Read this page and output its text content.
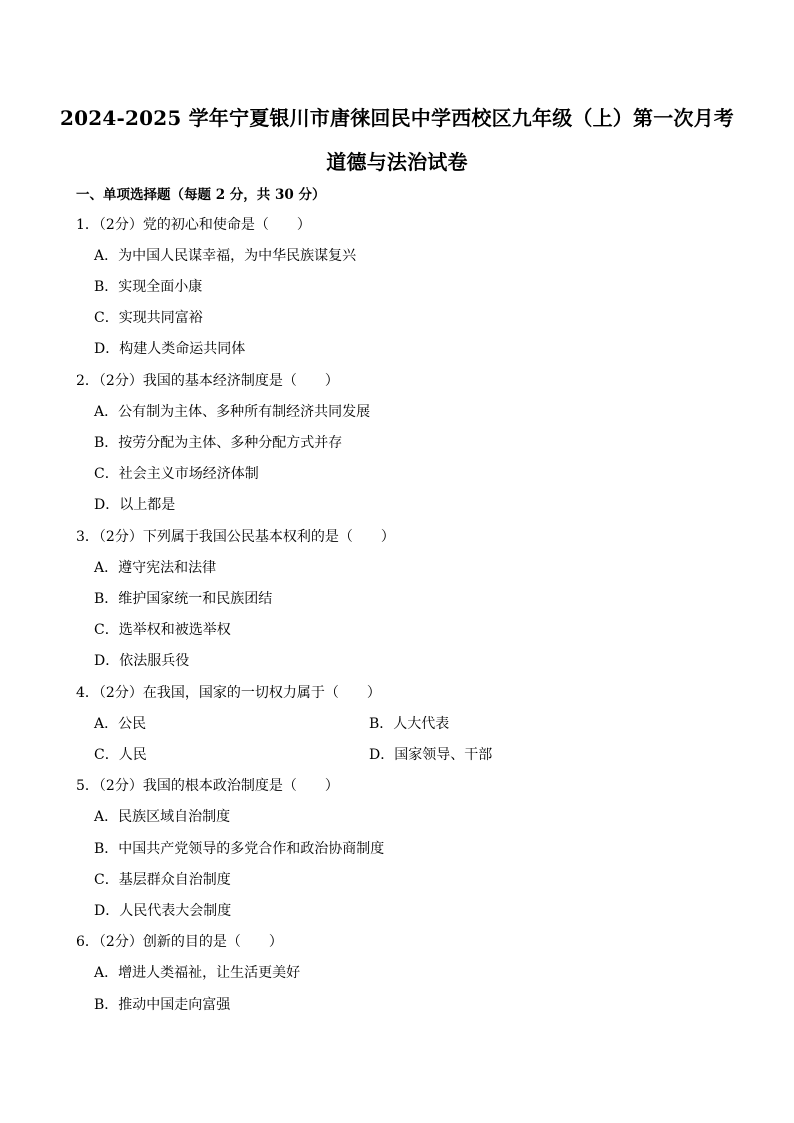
2024-2025 学年宁夏银川市唐徕回民中学西校区九年级（上）第一次月考
道德与法治试卷
一、单项选择题（每题 2 分，共 30 分）
1．（2分）党的初心和使命是（　　）
A．为中国人民谋幸福，为中华民族谋复兴
B．实现全面小康
C．实现共同富裕
D．构建人类命运共同体
2．（2分）我国的基本经济制度是（　　）
A．公有制为主体、多种所有制经济共同发展
B．按劳分配为主体、多种分配方式并存
C．社会主义市场经济体制
D．以上都是
3．（2分）下列属于我国公民基本权利的是（　　）
A．遵守宪法和法律
B．维护国家统一和民族团结
C．选举权和被选举权
D．依法服兵役
4．（2分）在我国，国家的一切权力属于（　　）
A．公民	B．人大代表
C．人民	D．国家领导、干部
5．（2分）我国的根本政治制度是（　　）
A．民族区域自治制度
B．中国共产党领导的多党合作和政治协商制度
C．基层群众自治制度
D．人民代表大会制度
6．（2分）创新的目的是（　　）
A．增进人类福祉，让生活更美好
B．推动中国走向富强
